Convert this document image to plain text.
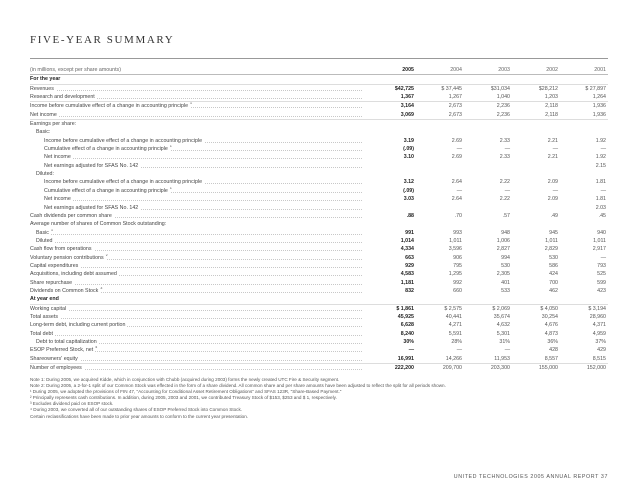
FIVE-YEAR SUMMARY
(in millions, except per share amounts)	2005	2004	2003	2002	2001
For the year					
Revenues	$42,725	$ 37,445	$31,034	$28,212	$ 27,897
Research and development	1,367	1,267	1,040	1,203	1,264
Income before cumulative effect of a change in accounting principle $^1$	3,164	2,673	2,236	2,118	1,936
Net income	3,069	2,673	2,236	2,118	1,936
Earnings per share:					
Basic:					
Income before cumulative effect of a change in accounting principle	3.19	2.69	2.33	2.21	1.92
Cumulative effect of a change in accounting principle $^1$	(.09)	—	—	—	—
Net income	3.10	2.69	2.33	2.21	1.92
Net earnings adjusted for SFAS No. 142					2.15
Diluted:					
Income before cumulative effect of a change in accounting principle	3.12	2.64	2.22	2.09	1.81
Cumulative effect of a change in accounting principle $^1$	(.09)	—	—	—	—
Net income	3.03	2.64	2.22	2.09	1.81
Net earnings adjusted for SFAS No. 142					2.03
Cash dividends per common share	.88	.70	.57	.49	.45
Average number of shares of Common Stock outstanding:					
Basic $^1$	991	993	948	945	940
Diluted	1,014	1,011	1,006	1,011	1,011
Cash flow from operations	4,334	3,596	2,827	2,829	2,917
Voluntary pension contributions $^2$	663	906	994	530	—
Capital expenditures	929	795	530	586	793
Acquisitions, including debt assumed	4,583	1,295	2,305	424	525
Share repurchase	1,181	992	401	700	599
Dividends on Common Stock $^3$	832	660	533	462	423
At year end					
Working capital	$ 1,861	$ 2,575	$ 2,069	$ 4,050	$ 3,194
Total assets	45,925	40,441	35,674	30,254	28,960
Long-term debt, including current portion	6,628	4,271	4,632	4,676	4,371
Total debt	8,240	5,591	5,301	4,873	4,959
Debt to total capitalization	30%	28%	31%	36%	37%
ESOP Preferred Stock, net $^4$	—	—	—	428	429
Shareowners' equity	16,991	14,266	11,953	8,557	8,515
Number of employees	222,200	209,700	203,300	155,000	152,000
Note 1: During 2005, we acquired Kidde, which in conjunction with Chubb (acquired during 2003) forms the newly created UTC Fire & Security segment.
Note 2: During 2005, a 2-for-1 split of our Common Stock was effected in the form of a share dividend. All common share and per share amounts have been adjusted to reflect the split for all periods shown.
¹ During 2005, we adopted the provisions of FIN 47, "Accounting for Conditional Asset Retirement Obligations" and SFAS 123R, "Share-Based Payment."
² Principally represents cash contributions. In addition, during 2005, 2003 and 2001, we contributed Treasury Stock of $153, $253 and $ 1, respectively.
³ Excludes dividend paid on ESOP stock.
⁴ During 2003, we converted all of our outstanding shares of ESOP Preferred Stock into Common Stock.
Certain reclassifications have been made to prior year amounts to conform to the current year presentation.
UNITED TECHNOLOGIES 2005 ANNUAL REPORT 37
